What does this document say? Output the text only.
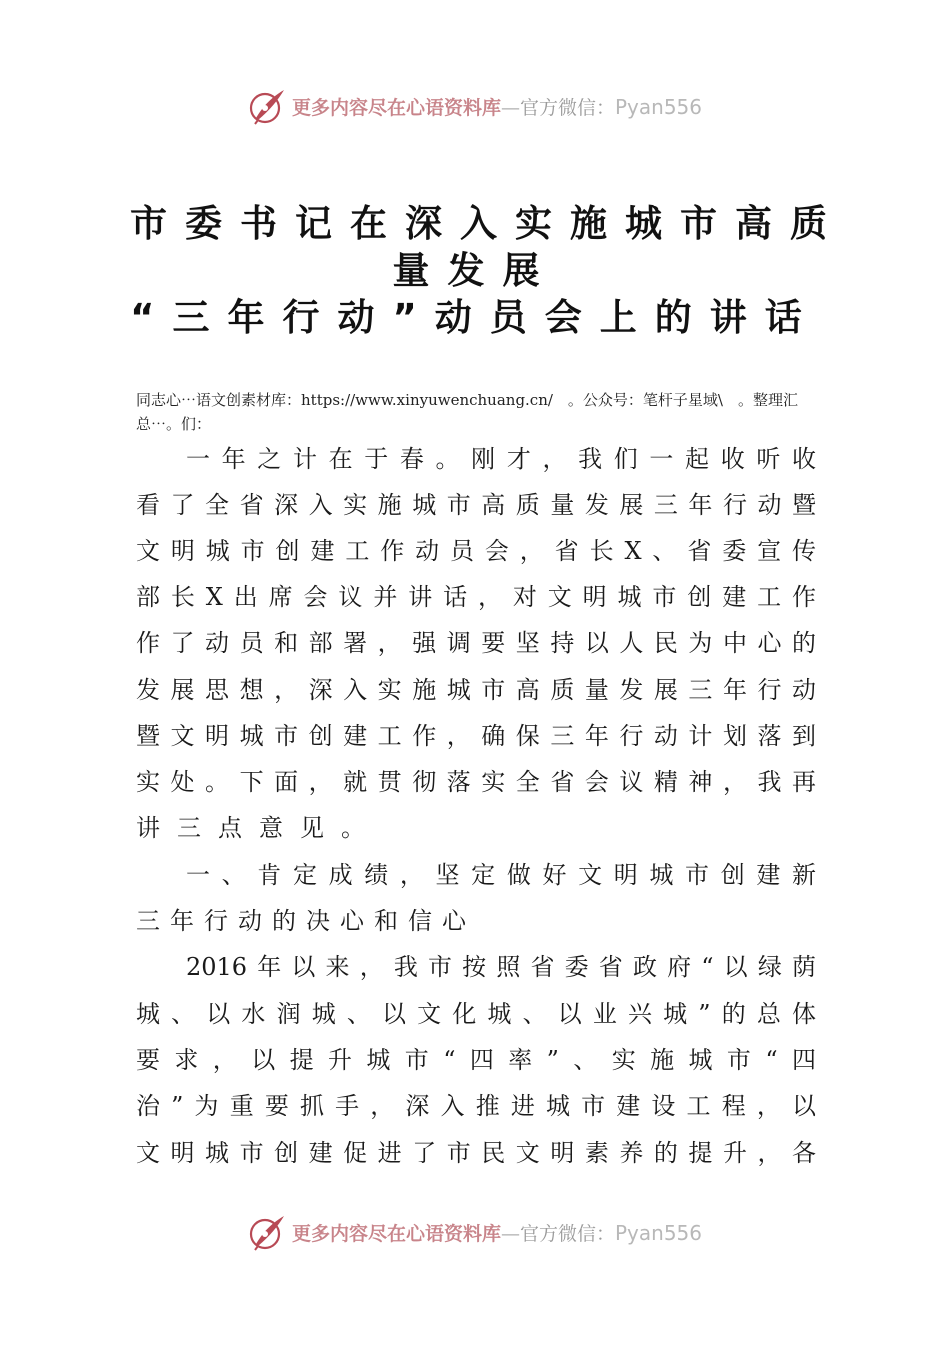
更多内容尽在心语资料库—官方微信：Pyan556
市委书记在深入实施城市高质
量发展
“三年行动”动员会上的讲话

同志心⋯语文创素材库：https://www.xinyuwenchuang.cn/　。公众号：笔杆子星域\　。整理汇总⋯。们：

一年之计在于春。刚才，我们一起收听收

看了全省深入实施城市高质量发展三年行动暨

文明城市创建工作动员会，省长X、省委宣传

部长X出席会议并讲话，对文明城市创建工作

作了动员和部署，强调要坚持以人民为中心的

发展思想，深入实施城市高质量发展三年行动

暨文明城市创建工作，确保三年行动计划落到

实处。下面，就贯彻落实全省会议精神，我再

讲三点意见。

一、肯定成绩，坚定做好文明城市创建新

三年行动的决心和信心

2016年以来，我市按照省委省政府“以绿荫

城、以水润城、以文化城、以业兴城”的总体

要求，以提升城市“四率”、实施城市“四

治”为重要抓手，深入推进城市建设工程，以

文明城市创建促进了市民文明素养的提升，各

更多内容尽在心语资料库—官方微信：Pyan556
